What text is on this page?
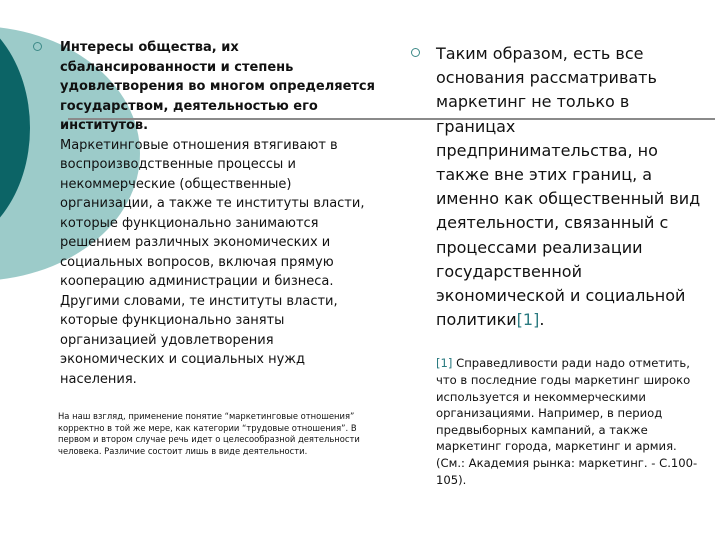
Интересы общества, их сбалансированности и степень удовлетворения во многом определяется государством, деятельностью его институтов.

Маркетинговые отношения втягивают в воспроизводственные процессы и некоммерческие (общественные) организации, а также те институты власти, которые функционально занимаются решением различных экономических и социальных вопросов, включая прямую кооперацию администрации и бизнеса. Другими словами, те институты власти, которые функционально заняты организацией удовлетворения экономических и социальных нужд населения.

На наш взгляд, применение понятие “маркетинговые отношения” корректно в той же мере, как категории “трудовые отношения”. В первом и втором случае речь идет о целесообразной деятельности человека. Различие состоит лишь в виде деятельности.

Таким образом, есть все основания рассматривать маркетинг не только в границах предпринимательства, но также вне этих границ, а именно как общественный вид деятельности, связанный с процессами реализации государственной экономической и социальной политики[1].

[1] Справедливости ради надо отметить, что в последние годы маркетинг широко используется и некоммерческими организациями. Например, в период предвыборных кампаний, а также маркетинг города, маркетинг и армия. (См.: Академия рынка: маркетинг. - С.100-105).
